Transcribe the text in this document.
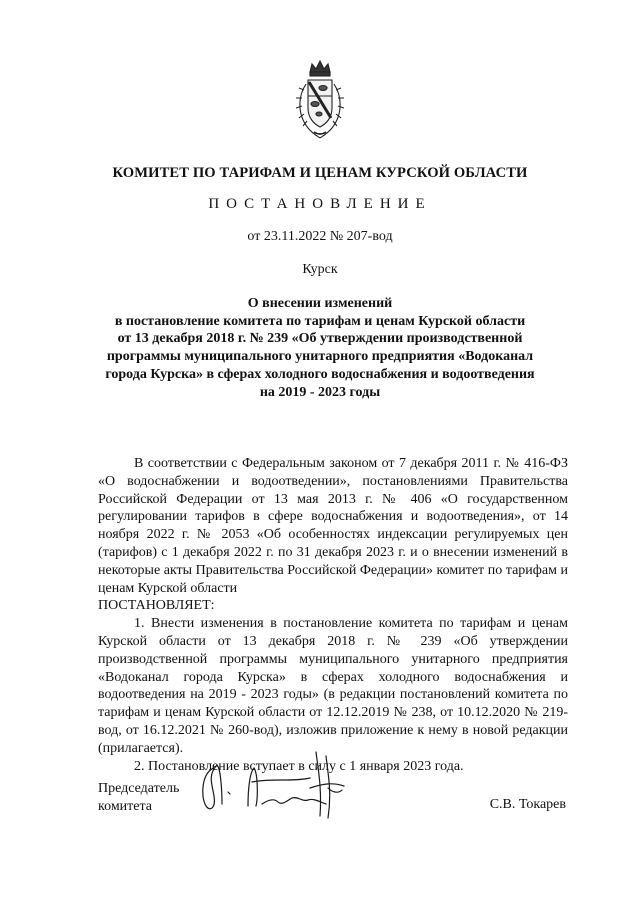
КОМИТЕТ ПО ТАРИФАМ И ЦЕНАМ КУРСКОЙ ОБЛАСТИ
ПОСТАНОВЛЕНИЕ
от 23.11.2022 № 207-вод
Курск
О внесении изменений
в постановление комитета по тарифам и ценам Курской области
от 13 декабря 2018 г. № 239 «Об утверждении производственной
программы муниципального унитарного предприятия «Водоканал
города Курска» в сферах холодного водоснабжения и водоотведения
на 2019 - 2023 годы

В соответствии с Федеральным законом от 7 декабря 2011 г. № 416-ФЗ «О водоснабжении и водоотведении», постановлениями Правительства Российской Федерации от 13 мая 2013 г. № 406 «О государственном регулировании тарифов в сфере водоснабжения и водоотведения», от 14 ноября 2022 г. № 2053 «Об особенностях индексации регулируемых цен (тарифов) с 1 декабря 2022 г. по 31 декабря 2023 г. и о внесении изменений в некоторые акты Правительства Российской Федерации» комитет по тарифам и ценам Курской области

ПОСТАНОВЛЯЕТ:

1. Внести изменения в постановление комитета по тарифам и ценам Курской области от 13 декабря 2018 г. № 239 «Об утверждении производственной программы муниципального унитарного предприятия «Водоканал города Курска» в сферах холодного водоснабжения и водоотведения на 2019 - 2023 годы» (в редакции постановлений комитета по тарифам и ценам Курской области от 12.12.2019 № 238, от 10.12.2020 № 219-вод, от 16.12.2021 № 260-вод), изложив приложение к нему в новой редакции (прилагается).

2. Постановление вступает в силу с 1 января 2023 года.

Председатель
комитета	С.В. Токарев
